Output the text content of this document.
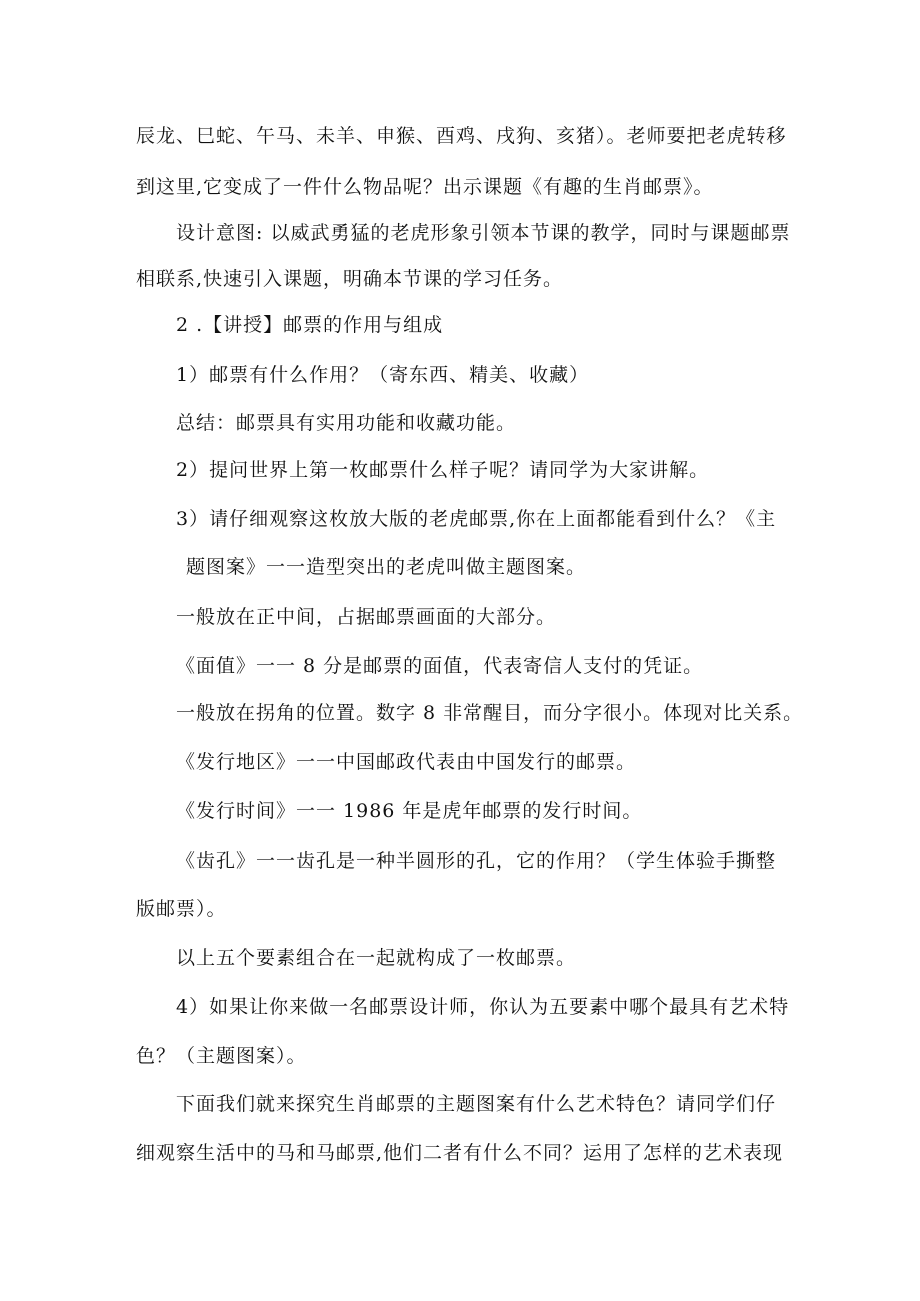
辰龙、巳蛇、午马、未羊、申猴、酉鸡、戌狗、亥猪）。老师要把老虎转移
到这里,它变成了一件什么物品呢？出示课题《有趣的生肖邮票》。
设计意图: 以威武勇猛的老虎形象引领本节课的教学，同时与课题邮票
相联系,快速引入课题，明确本节课的学习任务。
2 .【讲授】邮票的作用与组成
1）邮票有什么作用？（寄东西、精美、收藏）
总结：邮票具有实用功能和收藏功能。
2）提问世界上第一枚邮票什么样子呢？请同学为大家讲解。
3）请仔细观察这枚放大版的老虎邮票,你在上面都能看到什么？《主
题图案》一一造型突出的老虎叫做主题图案。
一般放在正中间，占据邮票画面的大部分。
《面值》一一 8 分是邮票的面值，代表寄信人支付的凭证。
一般放在拐角的位置。数字 8 非常醒目，而分字很小。体现对比关系。
《发行地区》一一中国邮政代表由中国发行的邮票。
《发行时间》一一 1986 年是虎年邮票的发行时间。
《齿孔》一一齿孔是一种半圆形的孔，它的作用？（学生体验手撕整
版邮票）。
以上五个要素组合在一起就构成了一枚邮票。
4）如果让你来做一名邮票设计师，你认为五要素中哪个最具有艺术特
色？（主题图案）。
下面我们就来探究生肖邮票的主题图案有什么艺术特色？请同学们仔
细观察生活中的马和马邮票,他们二者有什么不同？运用了怎样的艺术表现
